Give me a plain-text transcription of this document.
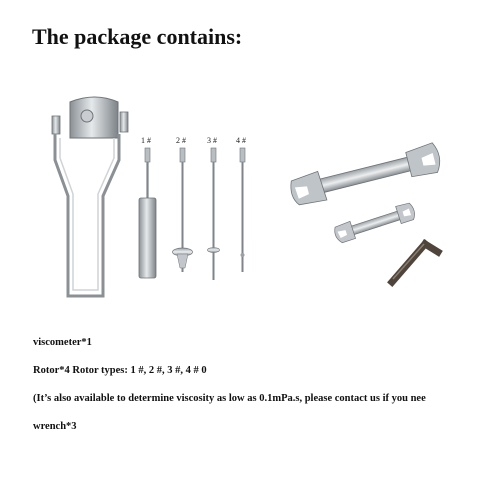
The package contains:
1 #	2 #	3 # 4 #
viscometer*1
Rotor*4 Rotor types: 1 #, 2 #, 3 #, 4 # 0
(It’s also available to determine viscosity as low as 0.1mPa.s, please contact us if you nee
wrench*3
